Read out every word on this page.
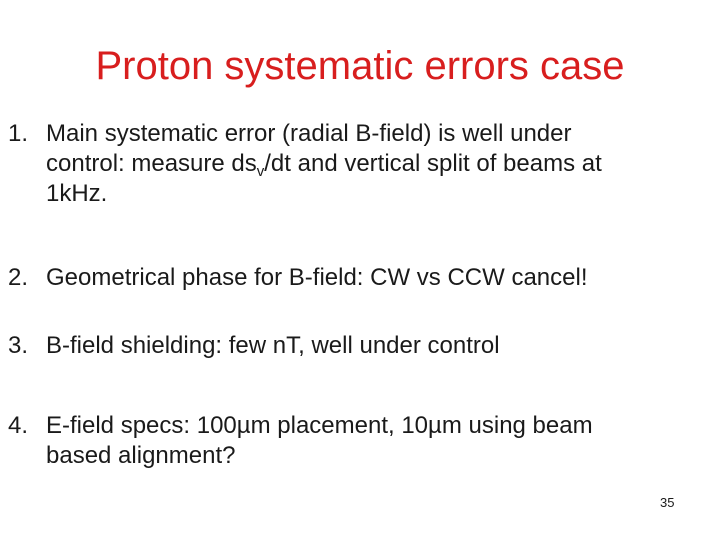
Proton systematic errors case
1. Main systematic error (radial B-field) is well under
control: measure $ds_v/dt$ and vertical split of beams at
1kHz.
2. Geometrical phase for B-field: CW vs CCW cancel!
3. B-field shielding: few nT, well under control
4. E-field specs: 100µm placement, 10µm using beam
based alignment?
35
